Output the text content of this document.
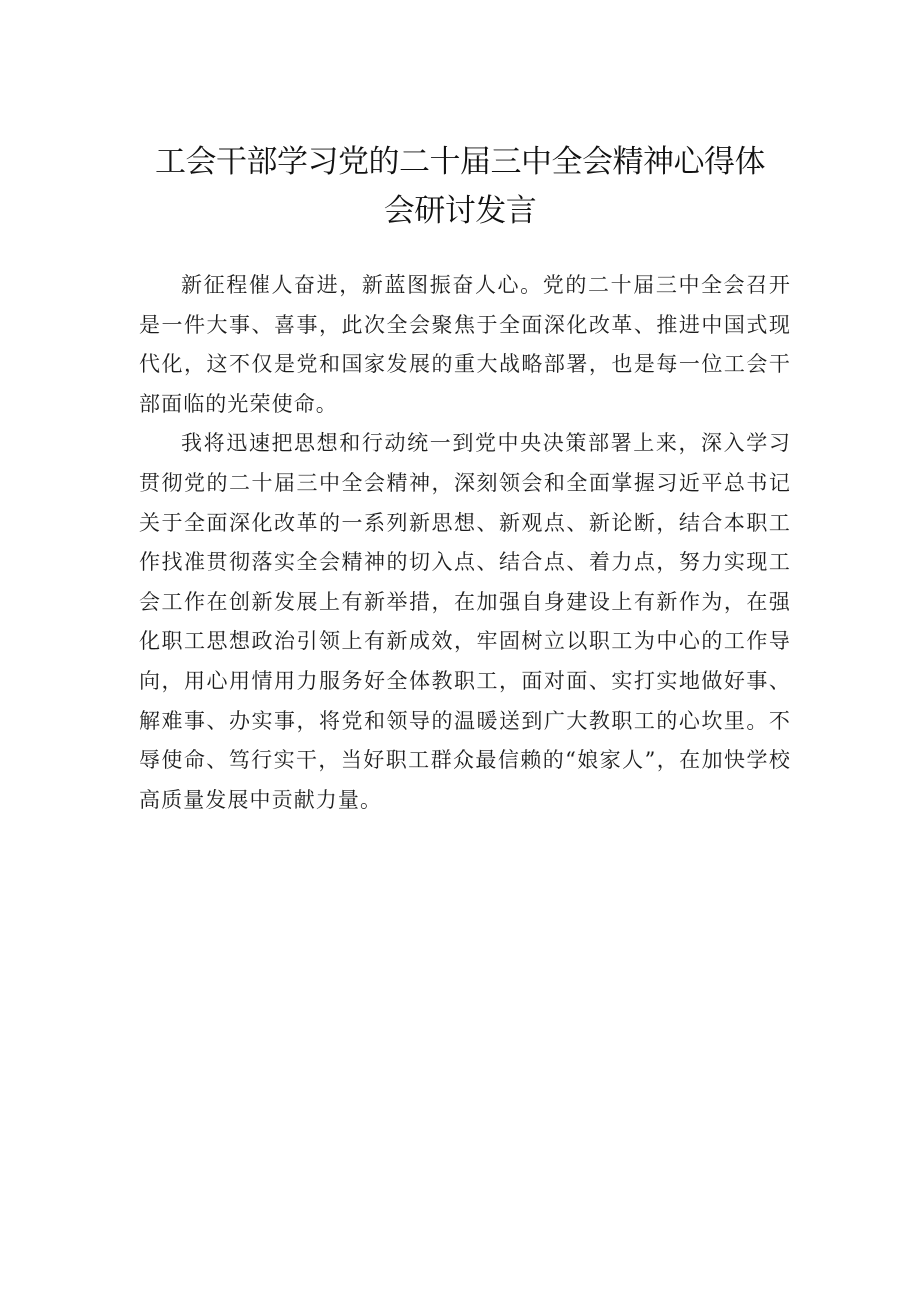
工会干部学习党的二十届三中全会精神心得体
会研讨发言

新征程催人奋进，新蓝图振奋人心。党的二十届三中全会召开是一件大事、喜事，此次全会聚焦于全面深化改革、推进中国式现代化，这不仅是党和国家发展的重大战略部署，也是每一位工会干部面临的光荣使命。

我将迅速把思想和行动统一到党中央决策部署上来，深入学习贯彻党的二十届三中全会精神，深刻领会和全面掌握习近平总书记关于全面深化改革的一系列新思想、新观点、新论断，结合本职工作找准贯彻落实全会精神的切入点、结合点、着力点，努力实现工会工作在创新发展上有新举措，在加强自身建设上有新作为，在强化职工思想政治引领上有新成效，牢固树立以职工为中心的工作导向，用心用情用力服务好全体教职工，面对面、实打实地做好事、解难事、办实事，将党和领导的温暖送到广大教职工的心坎里。不辱使命、笃行实干，当好职工群众最信赖的“娘家人”，在加快学校高质量发展中贡献力量。
